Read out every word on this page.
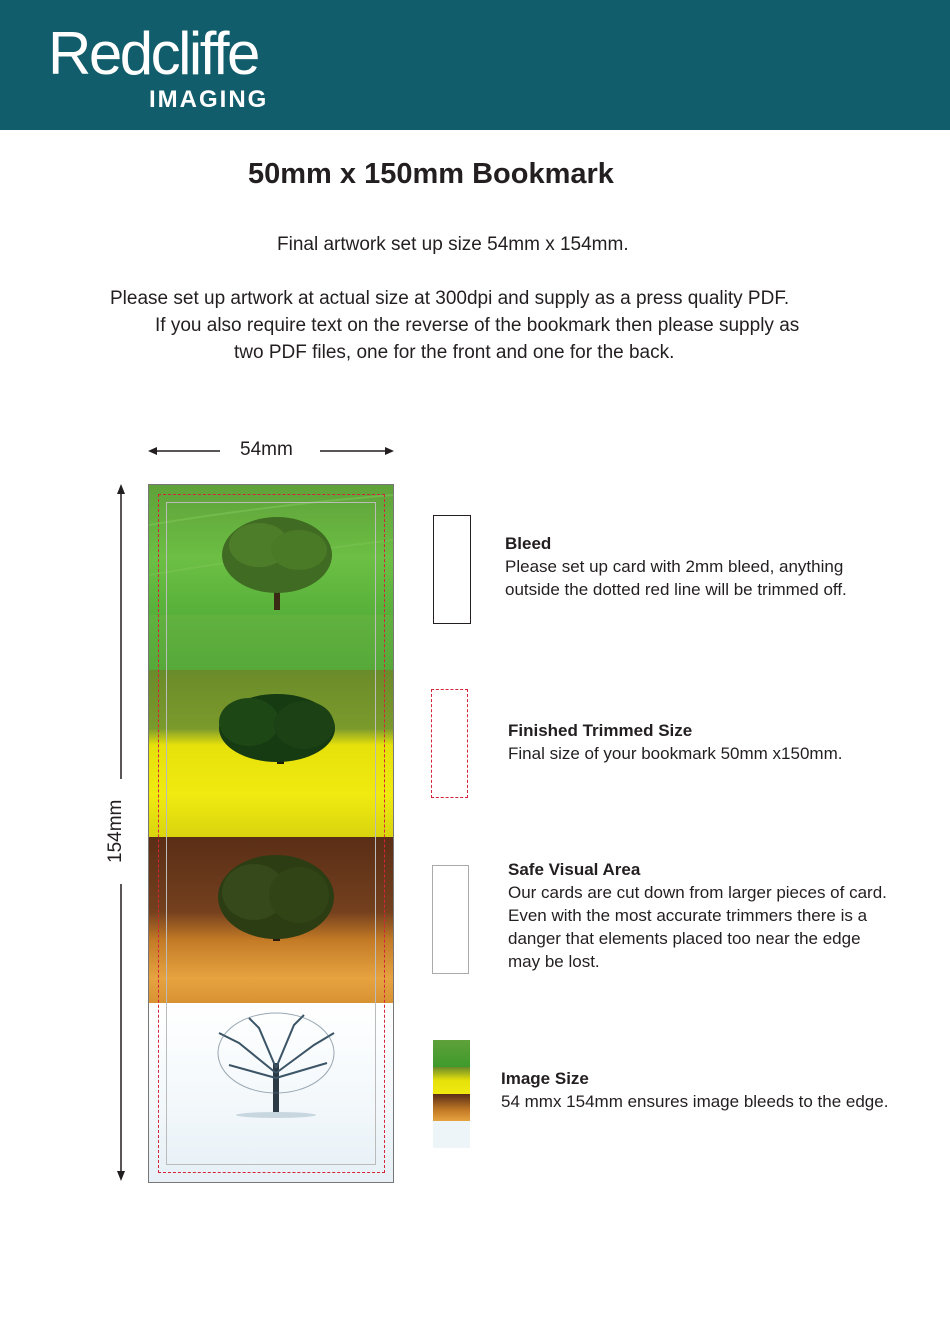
Redcliffe
IMAGING
50mm x 150mm Bookmark
Final artwork set up size 54mm x 154mm.
Please set up artwork at actual size at 300dpi and supply as a press quality PDF.
If you also require text on the reverse of the bookmark then please supply as
two PDF files, one for the front and one for the back.
54mm
154mm
Bleed
Please set up card with 2mm bleed, anything
outside the dotted red line will be trimmed off.
Finished Trimmed Size
Final size of your bookmark 50mm x150mm.
Safe Visual Area
Our cards are cut down from larger pieces of card.
Even with the most accurate trimmers there is a
danger that elements placed too near the edge
may be lost.
Image Size
54 mmx 154mm ensures image bleeds to the edge.
